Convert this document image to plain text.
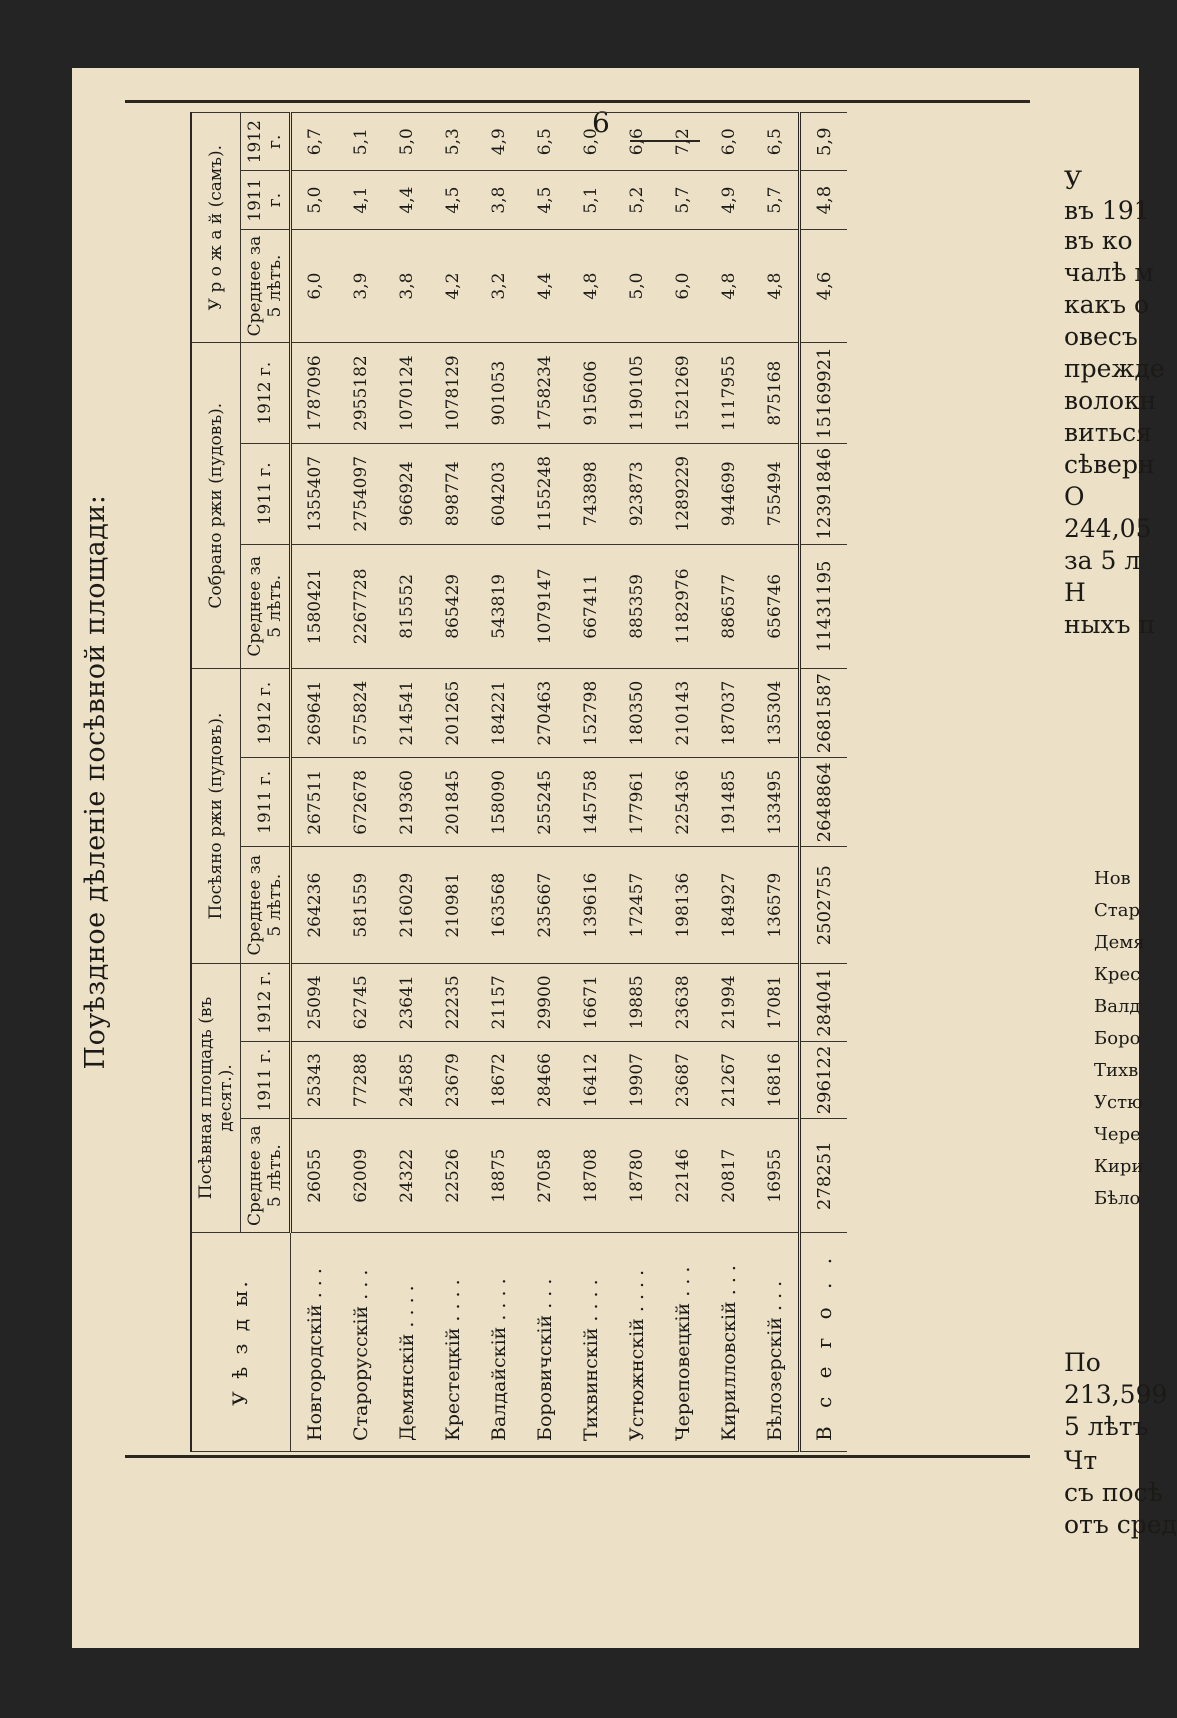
6
Поуѣздное дѣленіе посѣвной площади:
У ѣ з д ы.	Посѣвная площадь (въ десят.).			Посѣяно ржи (пудовъ).			Собрано ржи (пудовъ).			У р о ж а й (самъ).		
	Среднее за 5 лѣтъ.	1911 г.	1912 г.	Среднее за 5 лѣтъ.	1911 г.	1912 г.	Среднее за 5 лѣтъ.	1911 г.	1912 г.	Среднее за 5 лѣтъ.	1911 г.	1912 г.
Новгородскій . . .	26055	25343	25094	264236	267511	269641	1580421	1355407	1787096	6,0	5,0	6,7
Старорусскій . . .	62009	77288	62745	581559	672678	575824	2267728	2754097	2955182	3,9	4,1	5,1
Демянскій . . . .	24322	24585	23641	216029	219360	214541	815552	966924	1070124	3,8	4,4	5,0
Крестецкій . . . .	22526	23679	22235	210981	201845	201265	865429	898774	1078129	4,2	4,5	5,3
Валдайскій . . . .	18875	18672	21157	163568	158090	184221	543819	604203	901053	3,2	3,8	4,9
Боровичскій . . .	27058	28466	29900	235667	255245	270463	1079147	1155248	1758234	4,4	4,5	6,5
Тихвинскій . . . .	18708	16412	16671	139616	145758	152798	667411	743898	915606	4,8	5,1	6,0
Устюжнскій . . . .	18780	19907	19885	172457	177961	180350	885359	923873	1190105	5,0	5,2	6,6
Череповецкій . . .	22146	23687	23638	198136	225436	210143	1182976	1289229	1521269	6,0	5,7	7,2
Кирилловскій . . .	20817	21267	21994	184927	191485	187037	886577	944699	1117955	4,8	4,9	6,0
Бѣлозерскій . . .	16955	16816	17081	136579	133495	135304	656746	755494	875168	4,8	5,7	6,5
В с е г о . .	278251	296122	284041	2502755	2648864	2681587	11431195	12391846	15169921	4,6	4,8	5,9
У
въ 191
въ ко
чалѣ м
какъ о
овесъ
прежде
волокн
виться
сѣверн
О
244,05
за 5 л
Н
ныхъ п
Нов
Стар
Демя
Крес
Валд
Боро
Тихв
Устю
Чере
Кири
Бѣло
По
213,599
5 лѣтъ
Чт
съ посѣ
отъ сред
